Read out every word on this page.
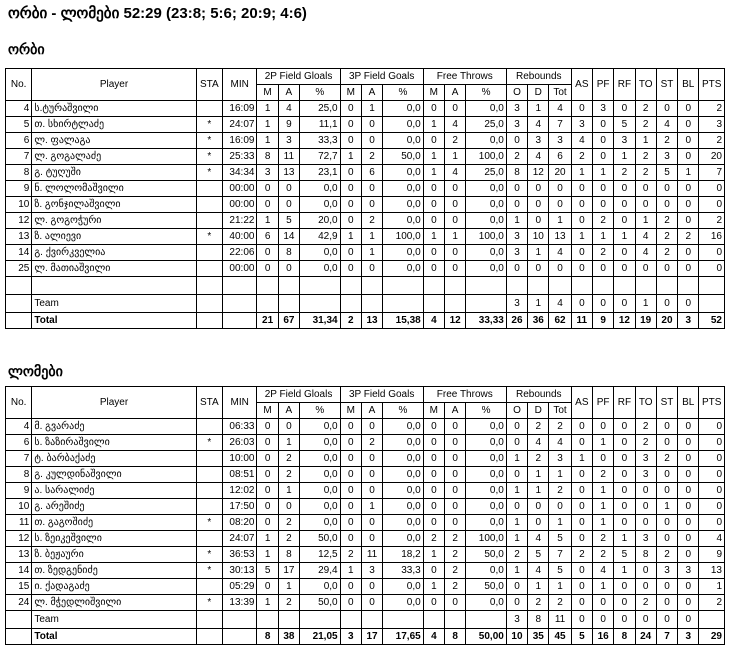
ორბი - ლომები 52:29 (23:8; 5:6; 20:9; 4:6)
ორბი
No.	Player	STA	MIN	2P Field Gloals			3P Field Goals			Free Throws			Rebounds			AS	PF	RF	TO	ST	BL	PTS
				M	A	%	M	A	%	M	A	%	O	D	Tot							
4	ს.ტურაშვილი		16:09	1	4	25,0	0	1	0,0	0	0	0,0	3	1	4	0	3	0	2	0	0	2
5	თ. სხირტლაძე	*	24:07	1	9	11,1	0	0	0,0	1	4	25,0	3	4	7	3	0	5	2	4	0	3
6	ლ. ფალაგა	*	16:09	1	3	33,3	0	0	0,0	0	2	0,0	0	3	3	4	0	3	1	2	0	2
7	ლ. გოგალაძე	*	25:33	8	11	72,7	1	2	50,0	1	1	100,0	2	4	6	2	0	1	2	3	0	20
8	გ. ტუღუში	*	34:34	3	13	23,1	0	6	0,0	1	4	25,0	8	12	20	1	1	2	2	5	1	7
9	ნ. ლოლომაშვილი		00:00	0	0	0,0	0	0	0,0	0	0	0,0	0	0	0	0	0	0	0	0	0	0
10	ზ. გონჯილაშვილი		00:00	0	0	0,0	0	0	0,0	0	0	0,0	0	0	0	0	0	0	0	0	0	0
12	ლ. გოგოჭური		21:22	1	5	20,0	0	2	0,0	0	0	0,0	1	0	1	0	2	0	1	2	0	2
13	ზ. ალიევი	*	40:00	6	14	42,9	1	1	100,0	1	1	100,0	3	10	13	1	1	1	4	2	2	16
14	გ. ქვირკველია		22:06	0	8	0,0	0	1	0,0	0	0	0,0	3	1	4	0	2	0	4	2	0	0
25	ლ. მათიაშვილი		00:00	0	0	0,0	0	0	0,0	0	0	0,0	0	0	0	0	0	0	0	0	0	0

	Team												3	1	4	0	0	0	1	0	0	
	Total			21	67	31,34	2	13	15,38	4	12	33,33	26	36	62	11	9	12	19	20	3	52
ლომები
No.	Player	STA	MIN	2P Field Gloals			3P Field Goals			Free Throws			Rebounds			AS	PF	RF	TO	ST	BL	PTS
				M	A	%	M	A	%	M	A	%	O	D	Tot							
4	მ. გვარაძე		06:33	0	0	0,0	0	0	0,0	0	0	0,0	0	2	2	0	0	0	2	0	0	0
6	ს. ზაზირაშვილი	*	26:03	0	1	0,0	0	2	0,0	0	0	0,0	0	4	4	0	1	0	2	0	0	0
7	ტ. ბარბაქაძე		10:00	0	2	0,0	0	0	0,0	0	0	0,0	1	2	3	1	0	0	3	2	0	0
8	გ. კულდინაშვილი		08:51	0	2	0,0	0	0	0,0	0	0	0,0	0	1	1	0	2	0	3	0	0	0
9	ა. სარალიძე		12:02	0	1	0,0	0	0	0,0	0	0	0,0	1	1	2	0	1	0	0	0	0	0
10	გ. არეშიძე		17:50	0	0	0,0	0	1	0,0	0	0	0,0	0	0	0	0	1	0	0	1	0	0
11	თ. გაგოშიძე	*	08:20	0	2	0,0	0	0	0,0	0	0	0,0	1	0	1	0	1	0	0	0	0	0
12	ს. ზეიკეშვილი		24:07	1	2	50,0	0	0	0,0	2	2	100,0	1	4	5	0	2	1	3	0	0	4
13	ზ. ბეჟაური	*	36:53	1	8	12,5	2	11	18,2	1	2	50,0	2	5	7	2	2	5	8	2	0	9
14	თ. ზედგენიძე	*	30:13	5	17	29,4	1	3	33,3	0	2	0,0	1	4	5	0	4	1	0	3	3	13
15	ი. ქადაგაძე		05:29	0	1	0,0	0	0	0,0	1	2	50,0	0	1	1	0	1	0	0	0	0	1
24	ლ. მჭედლიშვილი	*	13:39	1	2	50,0	0	0	0,0	0	0	0,0	0	2	2	0	0	0	2	0	0	2
	Team												3	8	11	0	0	0	0	0	0	
	Total			8	38	21,05	3	17	17,65	4	8	50,00	10	35	45	5	16	8	24	7	3	29
